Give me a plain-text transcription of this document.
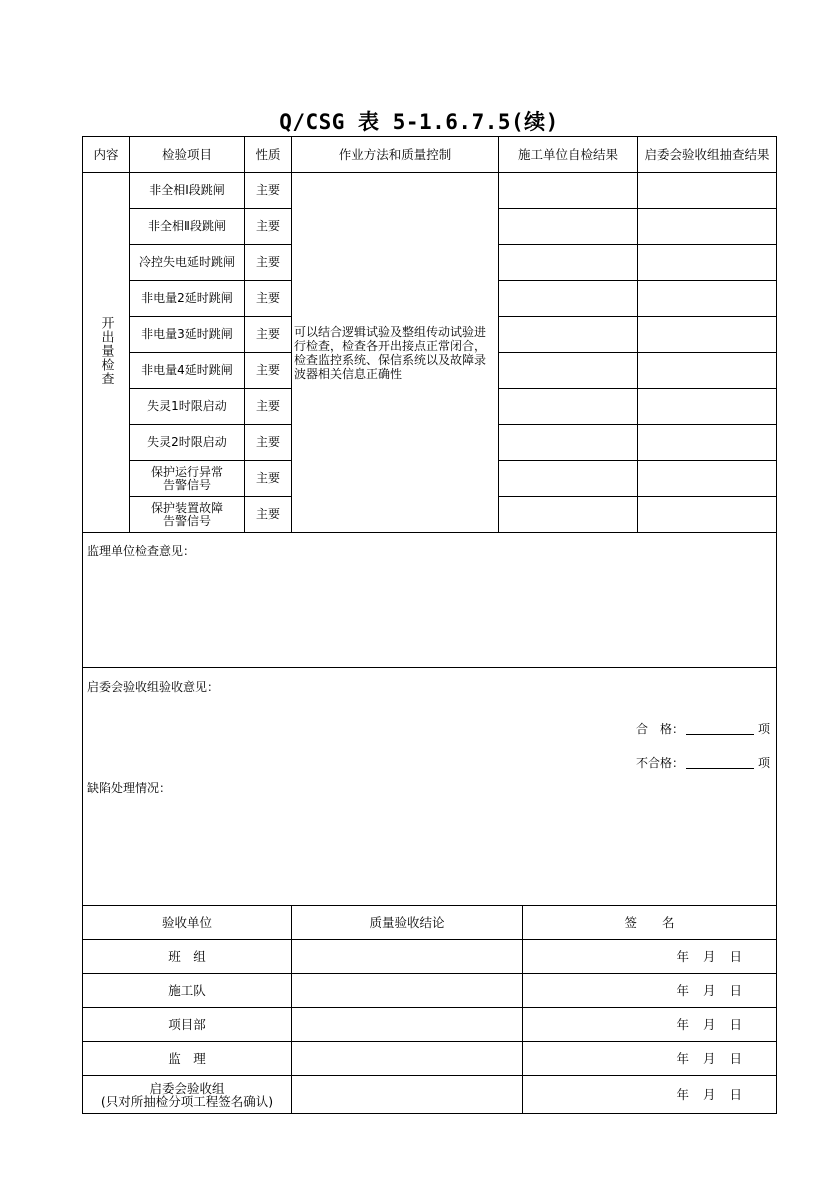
Q/CSG 表 5-1.6.7.5(续)
内容	检验项目	性质	作业方法和质量控制	施工单位自检结果	启委会验收组抽查结果
开出量检查	非全相Ⅰ段跳闸	主要	可以结合逻辑试验及整组传动试验进行检查，检查各开出接点正常闭合，检查监控系统、保信系统以及故障录波器相关信息正确性		
	非全相Ⅱ段跳闸	主要			
	冷控失电延时跳闸	主要			
	非电量2延时跳闸	主要			
	非电量3延时跳闸	主要			
	非电量4延时跳闸	主要			
	失灵1时限启动	主要			
	失灵2时限启动	主要			
	保护运行异常告警信号	主要			
	保护装置故障告警信号	主要			
监理单位检查意见：
启委会验收组验收意见：
合　格：	项
不合格：	项
缺陷处理情况：
验收单位	质量验收结论	签　　名
班　组		年 月 日
施工队		年 月 日
项目部		年 月 日
监　理		年 月 日

启委会验收组
(只对所抽检分项工程签名确认)		年 月 日
